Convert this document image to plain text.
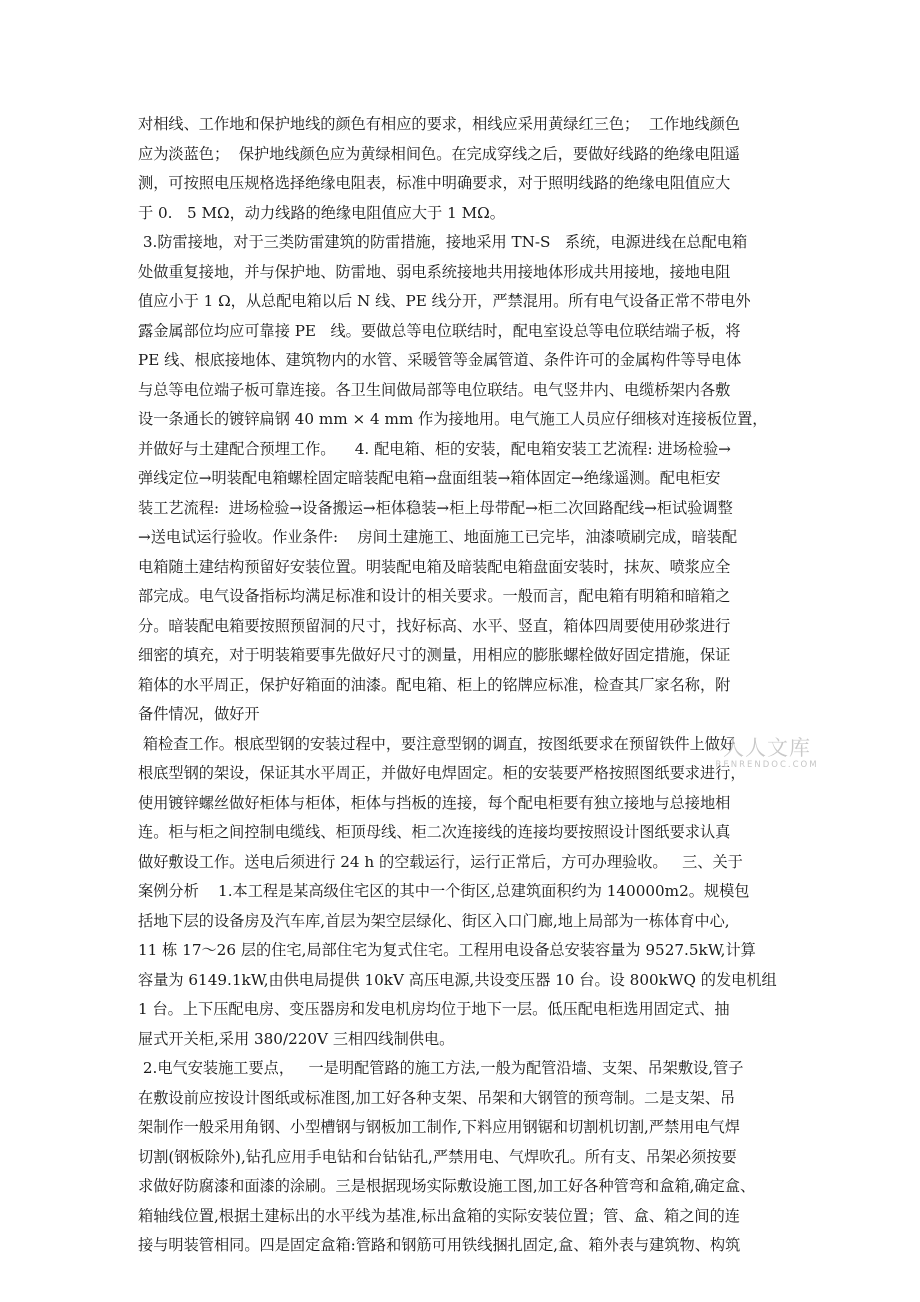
对相线、工作地和保护地线的颜色有相应的要求，相线应采用黄绿红三色；  工作地线颜色
应为淡蓝色；  保护地线颜色应为黄绿相间色。在完成穿线之后，要做好线路的绝缘电阻遥
测，可按照电压规格选择绝缘电阻表，标准中明确要求，对于照明线路的绝缘电阻值应大
于 0.   5 MΩ，动力线路的绝缘电阻值应大于 1 MΩ。
3.防雷接地，对于三类防雷建筑的防雷措施，接地采用 TN-S   系统，电源进线在总配电箱
处做重复接地，并与保护地、防雷地、弱电系统接地共用接地体形成共用接地，接地电阻
值应小于 1 Ω，从总配电箱以后 N 线、PE 线分开，严禁混用。所有电气设备正常不带电外
露金属部位均应可靠接 PE   线。要做总等电位联结时，配电室设总等电位联结端子板，将
PE 线、根底接地体、建筑物内的水管、采暖管等金属管道、条件许可的金属构件等导电体
与总等电位端子板可靠连接。各卫生间做局部等电位联结。电气竖井内、电缆桥架内各敷
设一条通长的镀锌扁钢 40 mm × 4 mm 作为接地用。电气施工人员应仔细核对连接板位置，
并做好与土建配合预埋工作。    4. 配电箱、柜的安装，配电箱安装工艺流程: 进场检验→
弹线定位→明装配电箱螺栓固定暗装配电箱→盘面组装→箱体固定→绝缘遥测。配电柜安
装工艺流程:  进场检验→设备搬运→柜体稳装→柜上母带配→柜二次回路配线→柜试验调整
→送电试运行验收。作业条件:    房间土建施工、地面施工已完毕，油漆喷刷完成，暗装配
电箱随土建结构预留好安装位置。明装配电箱及暗装配电箱盘面安装时，抹灰、喷浆应全
部完成。电气设备指标均满足标准和设计的相关要求。一般而言，配电箱有明箱和暗箱之
分。暗装配电箱要按照预留洞的尺寸，找好标高、水平、竖直，箱体四周要使用砂浆进行
细密的填充，对于明装箱要事先做好尺寸的测量，用相应的膨胀螺栓做好固定措施，保证
箱体的水平周正，保护好箱面的油漆。配电箱、柜上的铭牌应标准，检查其厂家名称，附
备件情况，做好开
箱检查工作。根底型钢的安装过程中，要注意型钢的调直，按图纸要求在预留铁件上做好
根底型钢的架设，保证其水平周正，并做好电焊固定。柜的安装要严格按照图纸要求进行，
使用镀锌螺丝做好柜体与柜体，柜体与挡板的连接，每个配电柜要有独立接地与总接地相
连。柜与柜之间控制电缆线、柜顶母线、柜二次连接线的连接均要按照设计图纸要求认真
做好敷设工作。送电后须进行 24 h 的空载运行，运行正常后，方可办理验收。   三、关于
案例分析    1.本工程是某高级住宅区的其中一个街区,总建筑面积约为 140000m2。规模包
括地下层的设备房及汽车库,首层为架空层绿化、街区入口门廊,地上局部为一栋体育中心,
11 栋 17～26 层的住宅,局部住宅为复式住宅。工程用电设备总安装容量为 9527.5kW,计算
容量为 6149.1kW,由供电局提供 10kV 高压电源,共设变压器 10 台。设 800kWQ 的发电机组
1 台。上下压配电房、变压器房和发电机房均位于地下一层。低压配电柜选用固定式、抽
屉式开关柜,采用 380/220V 三相四线制供电。
2.电气安装施工要点，   一是明配管路的施工方法,一般为配管沿墙、支架、吊架敷设,管子
在敷设前应按设计图纸或标准图,加工好各种支架、吊架和大钢管的预弯制。二是支架、吊
架制作一般采用角钢、小型槽钢与钢板加工制作,下料应用钢锯和切割机切割,严禁用电气焊
切割(钢板除外),钻孔应用手电钻和台钻钻孔,严禁用电、气焊吹孔。所有支、吊架必须按要
求做好防腐漆和面漆的涂刷。三是根据现场实际敷设施工图,加工好各种管弯和盒箱,确定盒、
箱轴线位置,根据土建标出的水平线为基准,标出盒箱的实际安装位置；管、盒、箱之间的连
接与明装管相同。四是固定盒箱:管路和钢筋可用铁线捆扎固定,盒、箱外表与建筑物、构筑
人人文库
RENRENDOC.COM
